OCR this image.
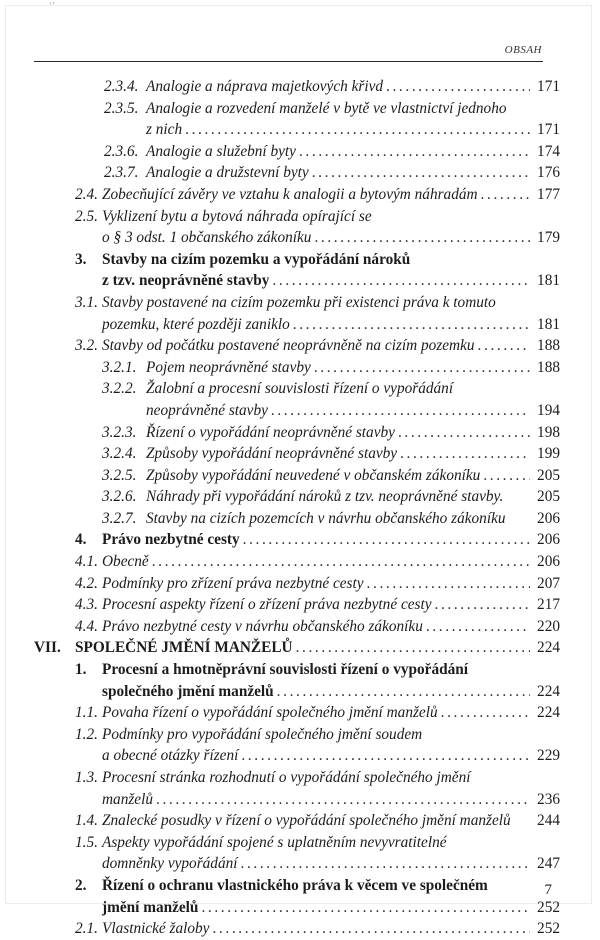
ʻʼ
OBSAH
2.3.4. Analogie a náprava majetkových křivd . . .	171
2.3.5. Analogie a rozvedení manželé v bytě ve vlastnictví jednoho
z nich . . .	171
2.3.6. Analogie a služební byty . . .	174
2.3.7. Analogie a družstevní byty . . .	176
2.4. Zobecňující závěry ve vztahu k analogii a bytovým náhradám . . .	177
2.5. Vyklizení bytu a bytová náhrada opírající se
o § 3 odst. 1 občanského zákoníku . . .	179
3. Stavby na cizím pozemku a vypořádání nároků
z tzv. neoprávněné stavby . . .	181
3.1. Stavby postavené na cizím pozemku při existenci práva k tomuto
pozemku, které později zaniklo . . .	181
3.2. Stavby od počátku postavené neoprávněně na cizím pozemku . . .	188
3.2.1. Pojem neoprávněné stavby . . .	188
3.2.2. Žalobní a procesní souvislosti řízení o vypořádání
neoprávněné stavby . . .	194
3.2.3. Řízení o vypořádání neoprávněné stavby . . .	198
3.2.4. Způsoby vypořádání neoprávněné stavby . . .	199
3.2.5. Způsoby vypořádání neuvedené v občanském zákoníku . . .	205
3.2.6. Náhrady při vypořádání nároků z tzv. neoprávněné stavby. 205
3.2.7. Stavby na cizích pozemcích v návrhu občanského zákoníku 206
4. Právo nezbytné cesty . . .	206
4.1. Obecně . . .	206
4.2. Podmínky pro zřízení práva nezbytné cesty . . .	207
4.3. Procesní aspekty řízení o zřízení práva nezbytné cesty . . .	217
4.4. Právo nezbytné cesty v návrhu občanského zákoníku . . .	220
VII. SPOLEČNÉ JMĚNÍ MANŽELŮ . . .	224
1. Procesní a hmotněprávní souvislosti řízení o vypořádání
společného jmění manželů . . .	224
1.1. Povaha řízení o vypořádání společného jmění manželů . . .	224
1.2. Podmínky pro vypořádání společného jmění soudem
a obecné otázky řízení . . .	229
1.3. Procesní stránka rozhodnutí o vypořádání společného jmění
manželů . . .	236
1.4. Znalecké posudky v řízení o vypořádání společného jmění manželů 244
1.5. Aspekty vypořádání spojené s uplatněním nevyvratitelné
domněnky vypořádání . . .	247
2. Řízení o ochranu vlastnického práva k věcem ve společném
jmění manželů . . .	252
2.1. Vlastnické žaloby . . .	252
7
